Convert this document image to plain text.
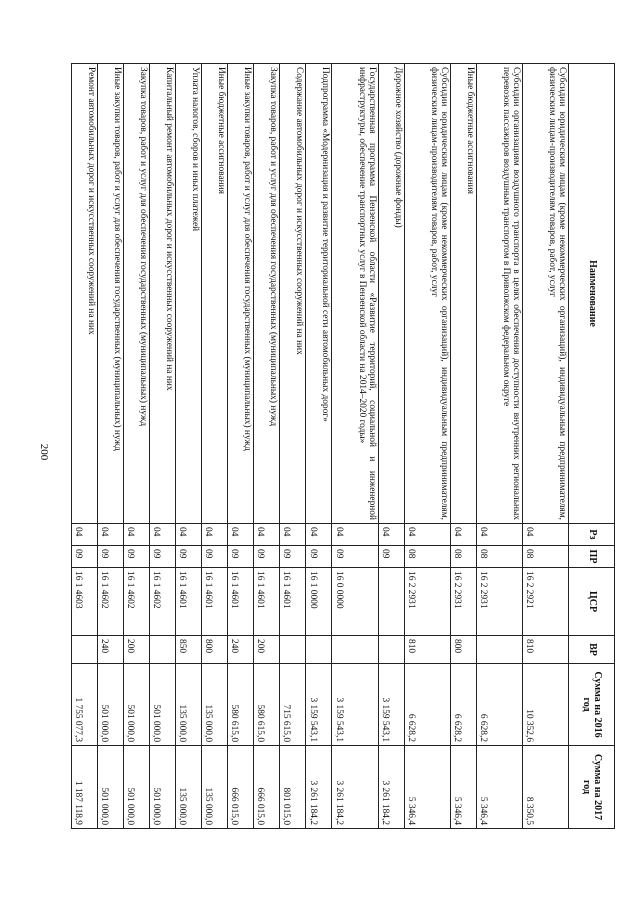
200
Наименование	Рз	ПР	ЦСР	ВР	Сумма на 2016 год	Сумма на 2017 год
Субсидии юридическим лицам (кроме некоммерческих организаций), индивидуальным предпринимателям, физическим лицам-производителям товаров, работ, услуг	04	08	16 2 2921	810	10 352,6	8 350,5
Субсидии организациям воздушного транспорта в целях обеспечения доступности внутренних региональных перевозок пассажиров воздушным транспортом в Приволжском федеральном округе	04	08	16 2 2931		6 628,2	5 346,4
Иные бюджетные ассигнования	04	08	16 2 2931	800	6 628,2	5 346,4
Субсидии юридическим лицам (кроме некоммерческих организаций), индивидуальным предпринимателям, физическим лицам-производителям товаров, работ, услуг	04	08	16 2 2931	810	6 628,2	5 346,4
Дорожное хозяйство (дорожные фонды)	04	09			3 159 543,1	3 261 184,2
Государственная программа Пензенской области «Развитие территорий, социальной и инженерной инфраструктуры, обеспечение транспортных услуг в Пензенской области на 2014–2020 годы»	04	09	16 0 0000		3 159 543,1	3 261 184,2
Подпрограмма «Модернизация и развитие территориальной сети автомобильных дорог»	04	09	16 1 0000		3 159 543,1	3 261 184,2
Содержание автомобильных дорог и искусственных сооружений на них	04	09	16 1 4601		715 615,0	801 015,0
Закупка товаров, работ и услуг для обеспечения государственных (муниципальных) нужд	04	09	16 1 4601	200	580 615,0	666 015,0
Иные закупки товаров, работ и услуг для обеспечения государственных (муниципальных) нужд	04	09	16 1 4601	240	580 615,0	666 015,0
Иные бюджетные ассигнования	04	09	16 1 4601	800	135 000,0	135 000,0
Уплата налогов, сборов и иных платежей	04	09	16 1 4601	850	135 000,0	135 000,0
Капитальный ремонт автомобильных дорог и искусственных сооружений на них	04	09	16 1 4602		501 000,0	501 000,0
Закупка товаров, работ и услуг для обеспечения государственных (муниципальных) нужд	04	09	16 1 4602	200	501 000,0	501 000,0
Иные закупки товаров, работ и услуг для обеспечения государственных (муниципальных) нужд	04	09	16 1 4602	240	501 000,0	501 000,0
Ремонт автомобильных дорог и искусственных сооружений на них	04	09	16 1 4603		1 755 077,3	1 187 118,9
